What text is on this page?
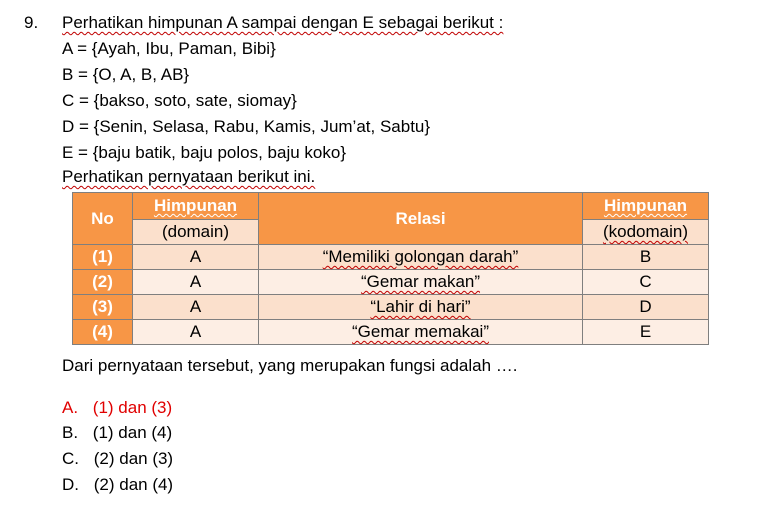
9. Perhatikan himpunan A sampai dengan E sebagai berikut :
A = {Ayah, Ibu, Paman, Bibi}
B = {O, A, B, AB}
C = {bakso, soto, sate, siomay}
D = {Senin, Selasa, Rabu, Kamis, Jum’at, Sabtu}
E = {baju batik, baju polos, baju koko}
Perhatikan pernyataan berikut ini.
No	Himpunan	Relasi	Himpunan
	(domain)		(kodomain)
(1)	A	“Memiliki golongan darah”	B
(2)	A	“Gemar makan”	C
(3)	A	“Lahir di hari”	D
(4)	A	“Gemar memakai”	E
Dari pernyataan tersebut, yang merupakan fungsi adalah ….
A. (1) dan (3)
B. (1) dan (4)
C. (2) dan (3)
D. (2) dan (4)
